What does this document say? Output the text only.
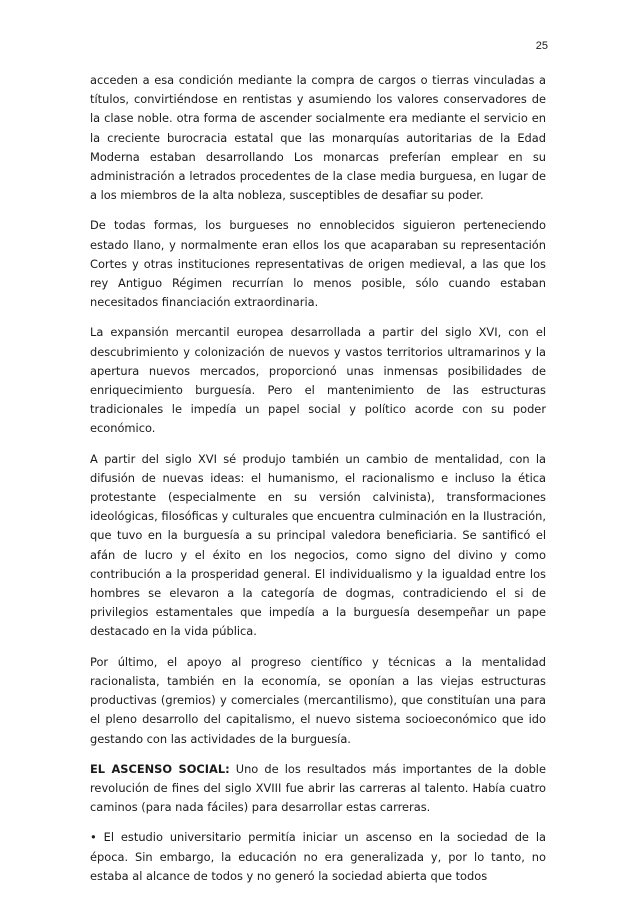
25

acceden a esa condición mediante la compra de cargos o tierras vinculadas a títulos, convirtiéndose en rentistas y asumiendo los valores conservadores de la clase noble. otra forma de ascender socialmente era mediante el servicio en la creciente burocracia estatal que las monarquías autoritarias de la Edad Moderna estaban desarrollando Los monarcas preferían emplear en su administración a letrados procedentes de la clase media burguesa, en lugar de a los miembros de la alta nobleza, susceptibles de desafiar su poder.

De todas formas, los burgueses no ennoblecidos siguieron perteneciendo estado llano, y normalmente eran ellos los que acaparaban su representación Cortes y otras instituciones representativas de origen medieval, a las que los rey Antiguo Régimen recurrían lo menos posible, sólo cuando estaban necesitados financiación extraordinaria.

La expansión mercantil europea desarrollada a partir del siglo XVI, con el descubrimiento y colonización de nuevos y vastos territorios ultramarinos y la apertura nuevos mercados, proporcionó unas inmensas posibilidades de enriquecimiento burguesía. Pero el mantenimiento de las estructuras tradicionales le impedía un papel social y político acorde con su poder económico.

A partir del siglo XVI sé produjo también un cambio de mentalidad, con la difusión de nuevas ideas: el humanismo, el racionalismo e incluso la ética protestante (especialmente en su versión calvinista), transformaciones ideológicas, filosóficas y culturales que encuentra culminación en la Ilustración, que tuvo en la burguesía a su principal valedora beneficiaria. Se santificó el afán de lucro y el éxito en los negocios, como signo del divino y como contribución a la prosperidad general. El individualismo y la igualdad entre los hombres se elevaron a la categoría de dogmas, contradiciendo el si de privilegios estamentales que impedía a la burguesía desempeñar un pape destacado en la vida pública.

Por último, el apoyo al progreso científico y técnicas a la mentalidad racionalista, también en la economía, se oponían a las viejas estructuras productivas (gremios) y comerciales (mercantilismo), que constituían una para el pleno desarrollo del capitalismo, el nuevo sistema socioeconómico que ido gestando con las actividades de la burguesía.

EL ASCENSO SOCIAL: Uno de los resultados más importantes de la doble revolución de fines del siglo XVIII fue abrir las carreras al talento. Había cuatro caminos (para nada fáciles) para desarrollar estas carreras.

• El estudio universitario permitía iniciar un ascenso en la sociedad de la época. Sin embargo, la educación no era generalizada y, por lo tanto, no estaba al alcance de todos y no generó la sociedad abierta que todos
